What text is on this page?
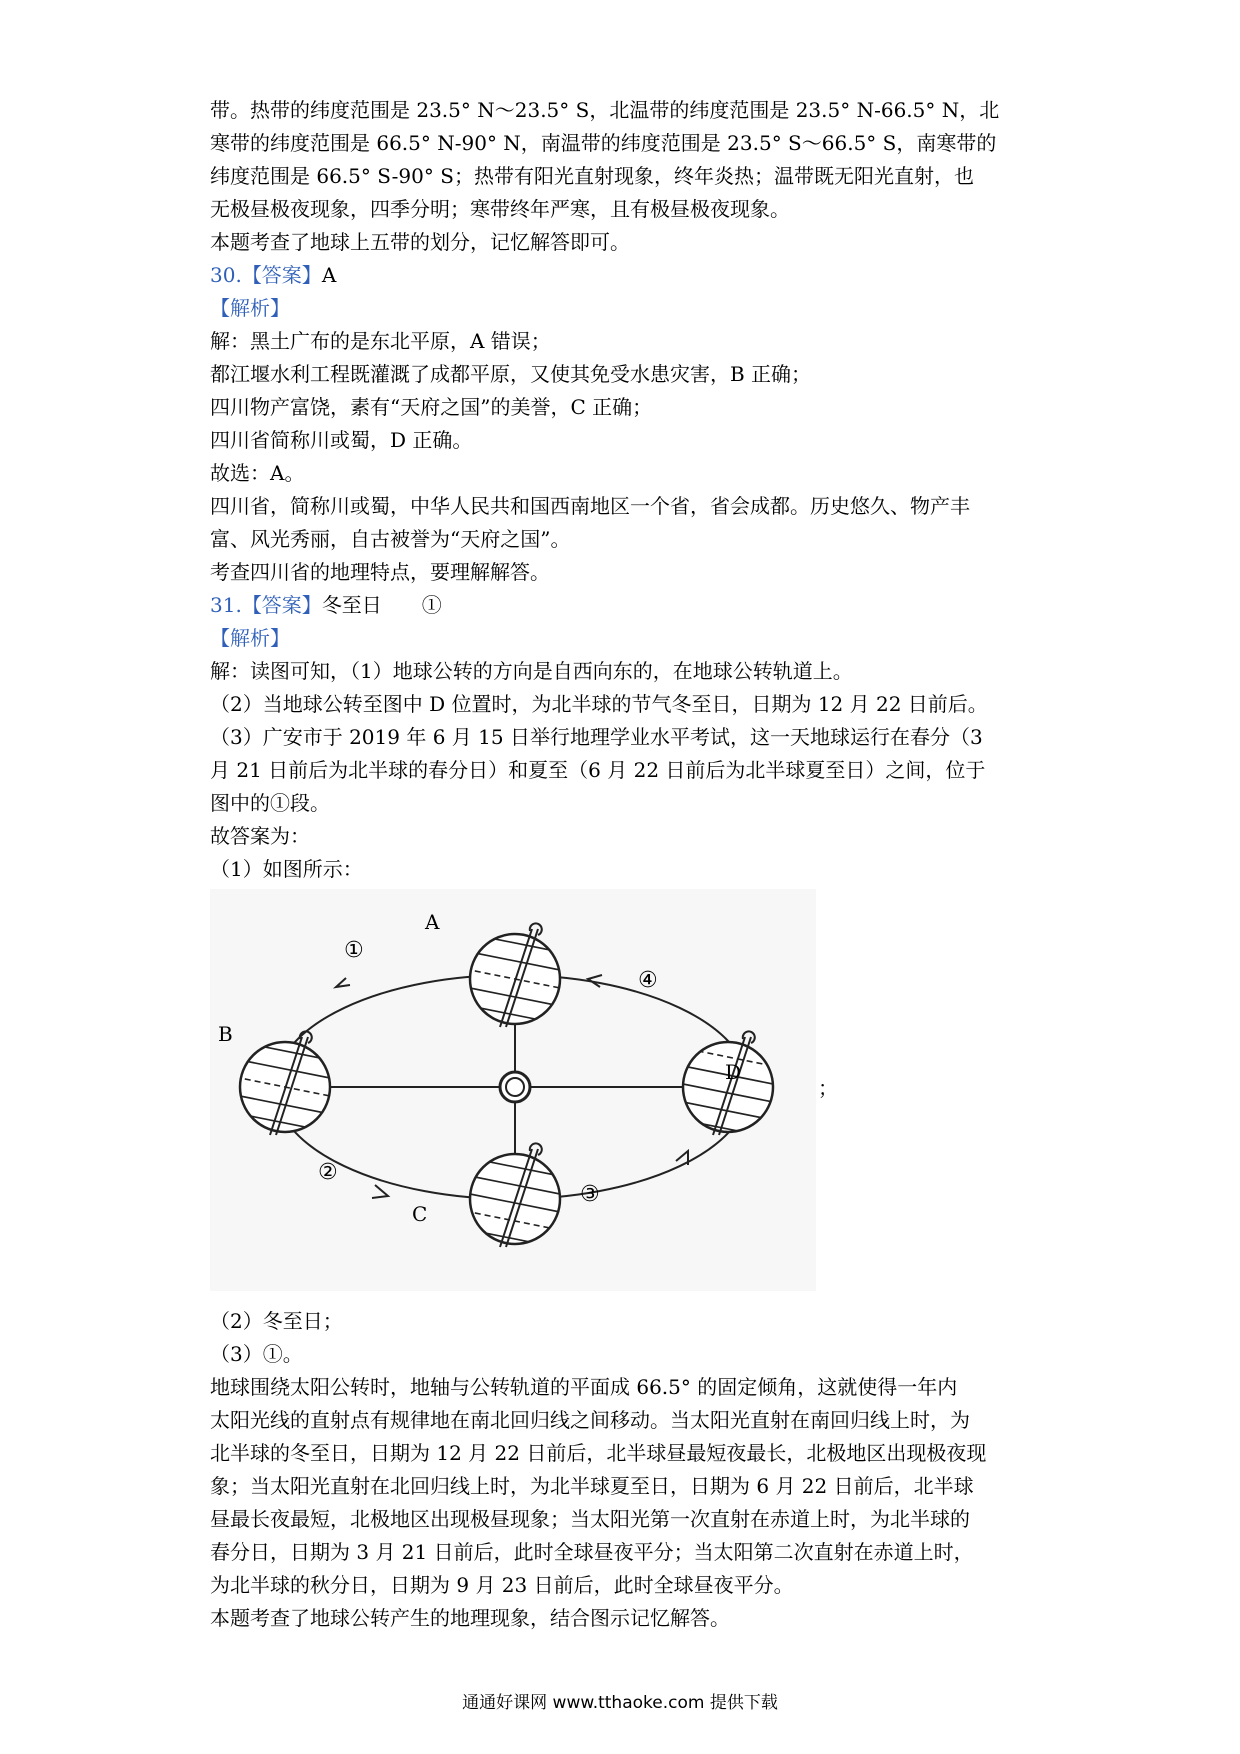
带。热带的纬度范围是 23.5° N～23.5° S，北温带的纬度范围是 23.5° N-66.5° N，北
寒带的纬度范围是 66.5° N-90° N，南温带的纬度范围是 23.5° S～66.5° S，南寒带的
纬度范围是 66.5° S-90° S；热带有阳光直射现象，终年炎热；温带既无阳光直射，也
无极昼极夜现象，四季分明；寒带终年严寒，且有极昼极夜现象。
本题考查了地球上五带的划分，记忆解答即可。
30.【答案】A
【解析】
解：黑土广布的是东北平原，A 错误；
都江堰水利工程既灌溉了成都平原，又使其免受水患灾害，B 正确；
四川物产富饶，素有“天府之国”的美誉，C 正确；
四川省简称川或蜀，D 正确。
故选：A。
四川省，简称川或蜀，中华人民共和国西南地区一个省，省会成都。历史悠久、物产丰
富、风光秀丽，自古被誉为“天府之国”。
考查四川省的地理特点，要理解解答。
31.【答案】冬至日　　①
【解析】
解：读图可知，（1）地球公转的方向是自西向东的，在地球公转轨道上。
（2）当地球公转至图中 D 位置时，为北半球的节气冬至日，日期为 12 月 22 日前后。
（3）广安市于 2019 年 6 月 15 日举行地理学业水平考试，这一天地球运行在春分（3
月 21 日前后为北半球的春分日）和夏至（6 月 22 日前后为北半球夏至日）之间，位于
图中的①段。
故答案为：
（1）如图所示：
A
B
C
D
①
②
③
④
；
（2）冬至日；
（3）①。
地球围绕太阳公转时，地轴与公转轨道的平面成 66.5° 的固定倾角，这就使得一年内
太阳光线的直射点有规律地在南北回归线之间移动。当太阳光直射在南回归线上时，为
北半球的冬至日，日期为 12 月 22 日前后，北半球昼最短夜最长，北极地区出现极夜现
象；当太阳光直射在北回归线上时，为北半球夏至日，日期为 6 月 22 日前后，北半球
昼最长夜最短，北极地区出现极昼现象；当太阳光第一次直射在赤道上时，为北半球的
春分日，日期为 3 月 21 日前后，此时全球昼夜平分；当太阳第二次直射在赤道上时，
为北半球的秋分日，日期为 9 月 23 日前后，此时全球昼夜平分。
本题考查了地球公转产生的地理现象，结合图示记忆解答。
通通好课网 www.tthaoke.com 提供下载
